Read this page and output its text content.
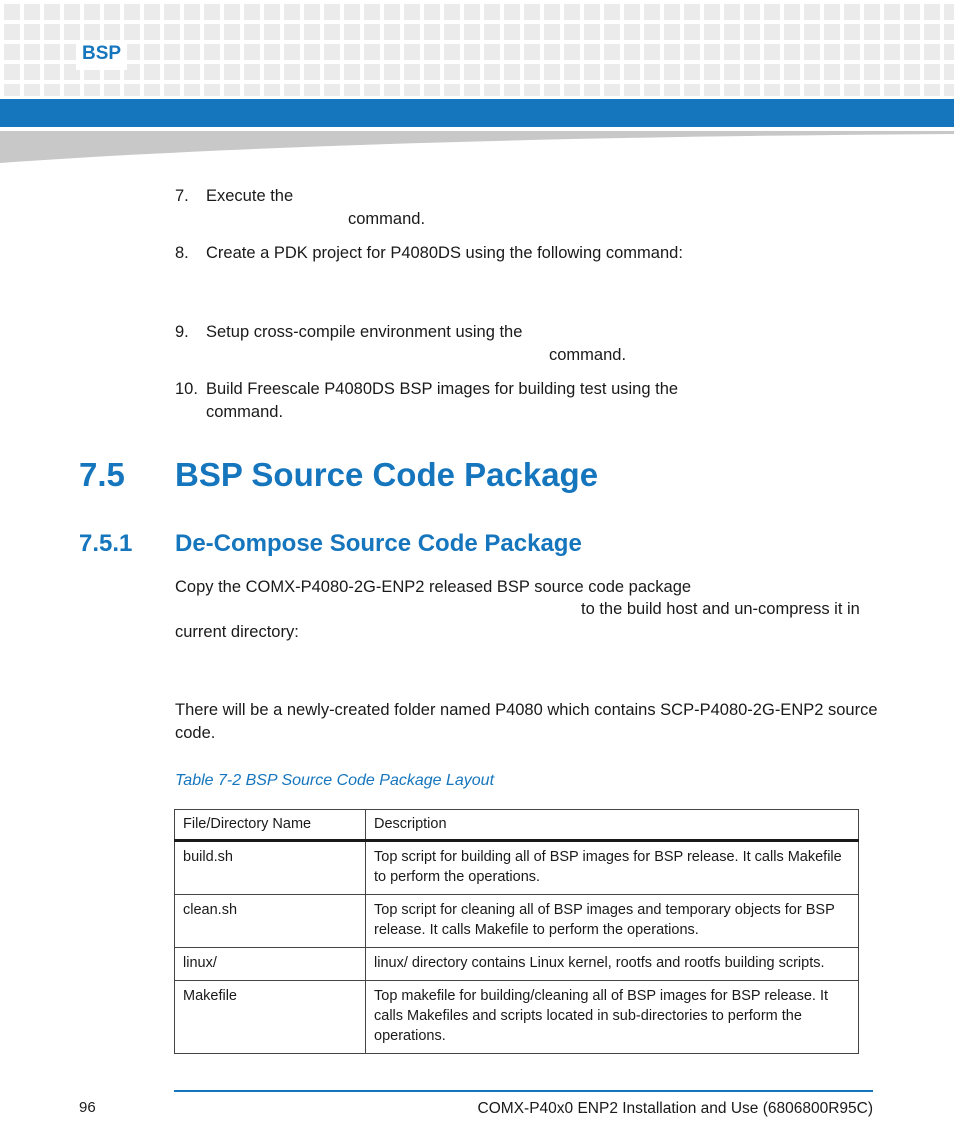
BSP
7.	Execute the
command.
8.	Create a PDK project for P4080DS using the following command:
9.	Setup cross-compile environment using the
command.
10. Build Freescale P4080DS BSP images for building test using the
command.
7.5 BSP Source Code Package
7.5.1 De-Compose Source Code Package
Copy the COMX-P4080-2G-ENP2 released BSP source code package
to the build host and un-compress it in
current directory:
There will be a newly-created folder named P4080 which contains SCP-P4080-2G-ENP2 source
code.
Table 7-2 BSP Source Code Package Layout
File/Directory Name	Description
build.sh	Top script for building all of BSP images for BSP release. It calls Makefile to perform the operations.
clean.sh	Top script for cleaning all of BSP images and temporary objects for BSP release. It calls Makefile to perform the operations.
linux/	linux/ directory contains Linux kernel, rootfs and rootfs building scripts.
Makefile	Top makefile for building/cleaning all of BSP images for BSP release. It calls Makefiles and scripts located in sub-directories to perform the operations.
96	COMX-P40x0 ENP2 Installation and Use (6806800R95C)
